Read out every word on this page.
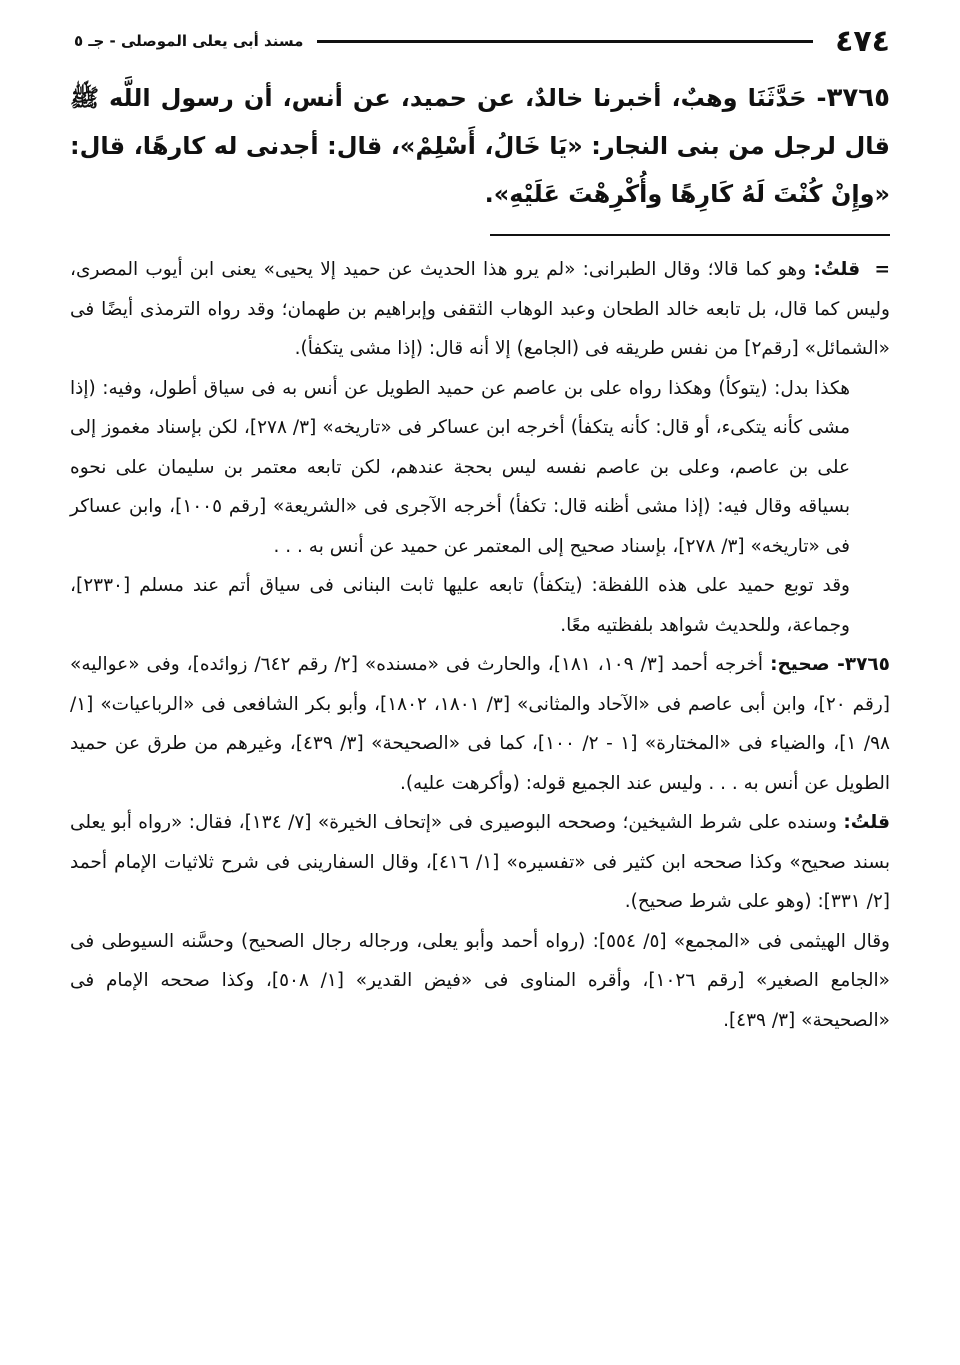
٤٧٤
مسند أبى يعلى الموصلى - جـ ٥
٣٧٦٥- حَدَّثَنَا وهبٌ، أخبرنا خالدٌ، عن حميد، عن أنس، أن رسول اللَّه ﷺ قال لرجل من بنى النجار: «يَا خَالُ، أَسْلِمْ»، قال: أجدنى له كارهًا، قال: «وإِنْ كُنْتَ لَهُ كَارِهًا وأُكْرِهْتَ عَلَيْهِ».

=  قلتُ: وهو كما قالا؛ وقال الطبرانى: «لم يرو هذا الحديث عن حميد إلا يحيى» يعنى ابن أيوب المصرى، وليس كما قال، بل تابعه خالد الطحان وعبد الوهاب الثقفى وإبراهيم بن طهمان؛ وقد رواه الترمذى أيضًا فى «الشمائل» [رقم٢] من نفس طريقه فى (الجامع) إلا أنه قال: (إذا مشى يتكفأ).

هكذا بدل: (يتوكأ) وهكذا رواه على بن عاصم عن حميد الطويل عن أنس به فى سياق أطول، وفيه: (إذا مشى كأنه يتكىء، أو قال: كأنه يتكفأ) أخرجه ابن عساكر فى «تاريخه» [٣/ ٢٧٨]، لكن بإسناد مغموز إلى على بن عاصم، وعلى بن عاصم نفسه ليس بحجة عندهم، لكن تابعه معتمر بن سليمان على نحوه بسياقه وقال فيه: (إذا مشى أظنه قال: تكفأ) أخرجه الآجرى فى «الشريعة» [رقم ١٠٠٥]، وابن عساكر فى «تاريخه» [٣/ ٢٧٨]، بإسناد صحيح إلى المعتمر عن حميد عن أنس به . . .

وقد توبع حميد على هذه اللفظة: (يتكفأ) تابعه عليها ثابت البنانى فى سياق أتم عند مسلم [٢٣٣٠]، وجماعة، وللحديث شواهد بلفظتيه معًا.

٣٧٦٥- صحيح: أخرجه أحمد [٣/ ١٠٩، ١٨١]، والحارث فى «مسنده» [٢/ رقم ٦٤٢/ زوائده]، وفى «عواليه» [رقم ٢٠]، وابن أبى عاصم فى «الآحاد والمثانى» [٣/ ١٨٠١، ١٨٠٢]، وأبو بكر الشافعى فى «الرباعيات» [١/ ٩٨/ ١]، والضياء فى «المختارة» [١ - ٢/ ١٠٠]، كما فى «الصحيحة» [٣/ ٤٣٩]، وغيرهم من طرق عن حميد الطويل عن أنس به . . . وليس عند الجميع قوله: (وأكرهت عليه).

قلتُ: وسنده على شرط الشيخين؛ وصححه البوصيرى فى «إتحاف الخيرة» [٧/ ١٣٤]، فقال: «رواه أبو يعلى بسند صحيح» وكذا صححه ابن كثير فى «تفسيره» [١/ ٤١٦]، وقال السفارينى فى شرح ثلاثيات الإمام أحمد [٢/ ٣٣١]: (وهو على شرط صحيح).

وقال الهيثمى فى «المجمع» [٥/ ٥٥٤]: (رواه أحمد وأبو يعلى، ورجاله رجال الصحيح) وحسَّنه السيوطى فى «الجامع الصغير» [رقم ١٠٢٦]، وأقره المناوى فى «فيض القدير» [١/ ٥٠٨]، وكذا صححه الإمام فى «الصحيحة» [٣/ ٤٣٩].
